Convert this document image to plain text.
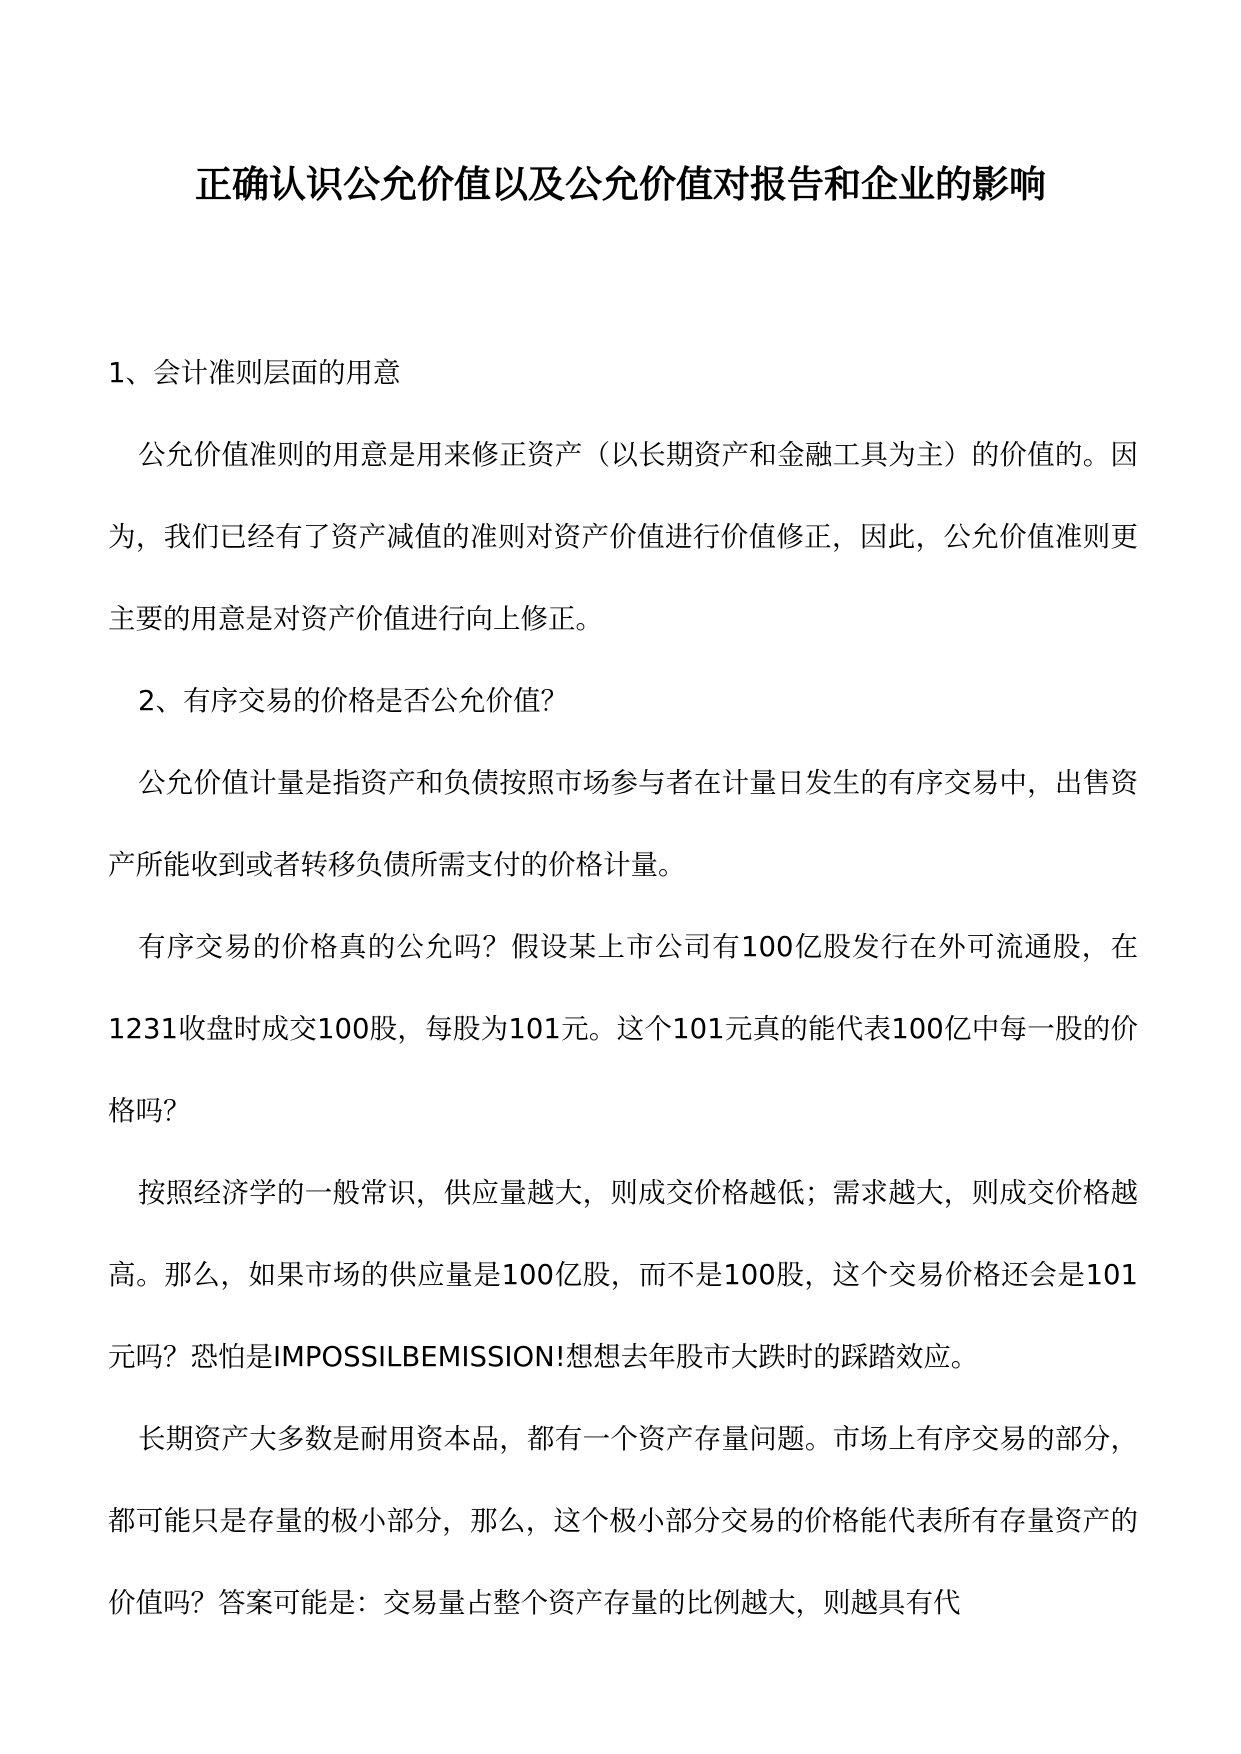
正确认识公允价值以及公允价值对报告和企业的影响

1、会计准则层面的用意

公允价值准则的用意是用来修正资产（以长期资产和金融工具为主）的价值的。因为，我们已经有了资产减值的准则对资产价值进行价值修正，因此，公允价值准则更主要的用意是对资产价值进行向上修正。

2、有序交易的价格是否公允价值？

公允价值计量是指资产和负债按照市场参与者在计量日发生的有序交易中，出售资产所能收到或者转移负债所需支付的价格计量。

有序交易的价格真的公允吗？假设某上市公司有100亿股发行在外可流通股，在1231收盘时成交100股，每股为101元。这个101元真的能代表100亿中每一股的价格吗？

按照经济学的一般常识，供应量越大，则成交价格越低；需求越大，则成交价格越高。那么，如果市场的供应量是100亿股，而不是100股，这个交易价格还会是101元吗？恐怕是IMPOSSILBEMISSION!想想去年股市大跌时的踩踏效应。

长期资产大多数是耐用资本品，都有一个资产存量问题。市场上有序交易的部分，都可能只是存量的极小部分，那么，这个极小部分交易的价格能代表所有存量资产的价值吗？答案可能是：交易量占整个资产存量的比例越大，则越具有代
